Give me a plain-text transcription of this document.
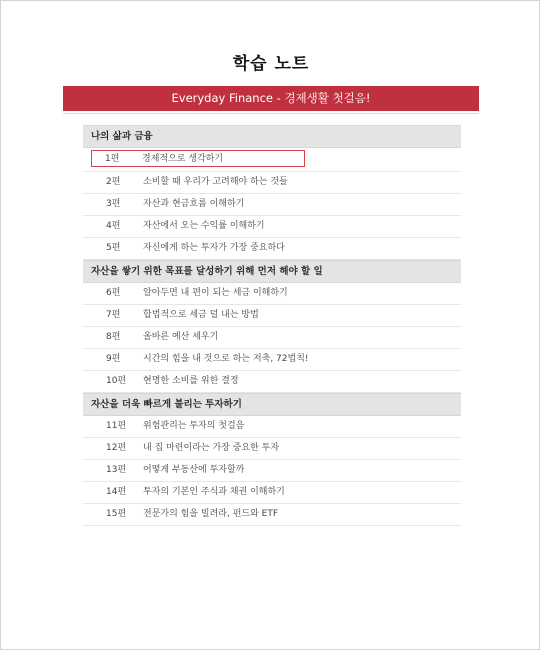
학습 노트
Everyday Finance - 경제생활 첫걸음!
나의 삶과 금융
1편	경제적으로 생각하기
2편	소비할 때 우리가 고려해야 하는 것들
3편	자산과 현금흐름 이해하기
4편	자산에서 오는 수익률 이해하기
5편	자신에게 하는 투자가 가장 중요하다
자산을 쌓기 위한 목표를 달성하기 위해 먼저 해야 할 일
6편	알아두면 내 편이 되는 세금 이해하기
7편	합법적으로 세금 덜 내는 방법
8편	올바른 예산 세우기
9편	시간의 힘을 내 것으로 하는 저축, 72법칙!
10편 현명한 소비를 위한 결정
자산을 더욱 빠르게 불리는 투자하기
11편 위험관리는 투자의 첫걸음
12편 내 집 마련이라는 가장 중요한 투자
13편 어떻게 부동산에 투자할까
14편 투자의 기본인 주식과 채권 이해하기
15편 전문가의 힘을 빌려라, 펀드와 ETF
